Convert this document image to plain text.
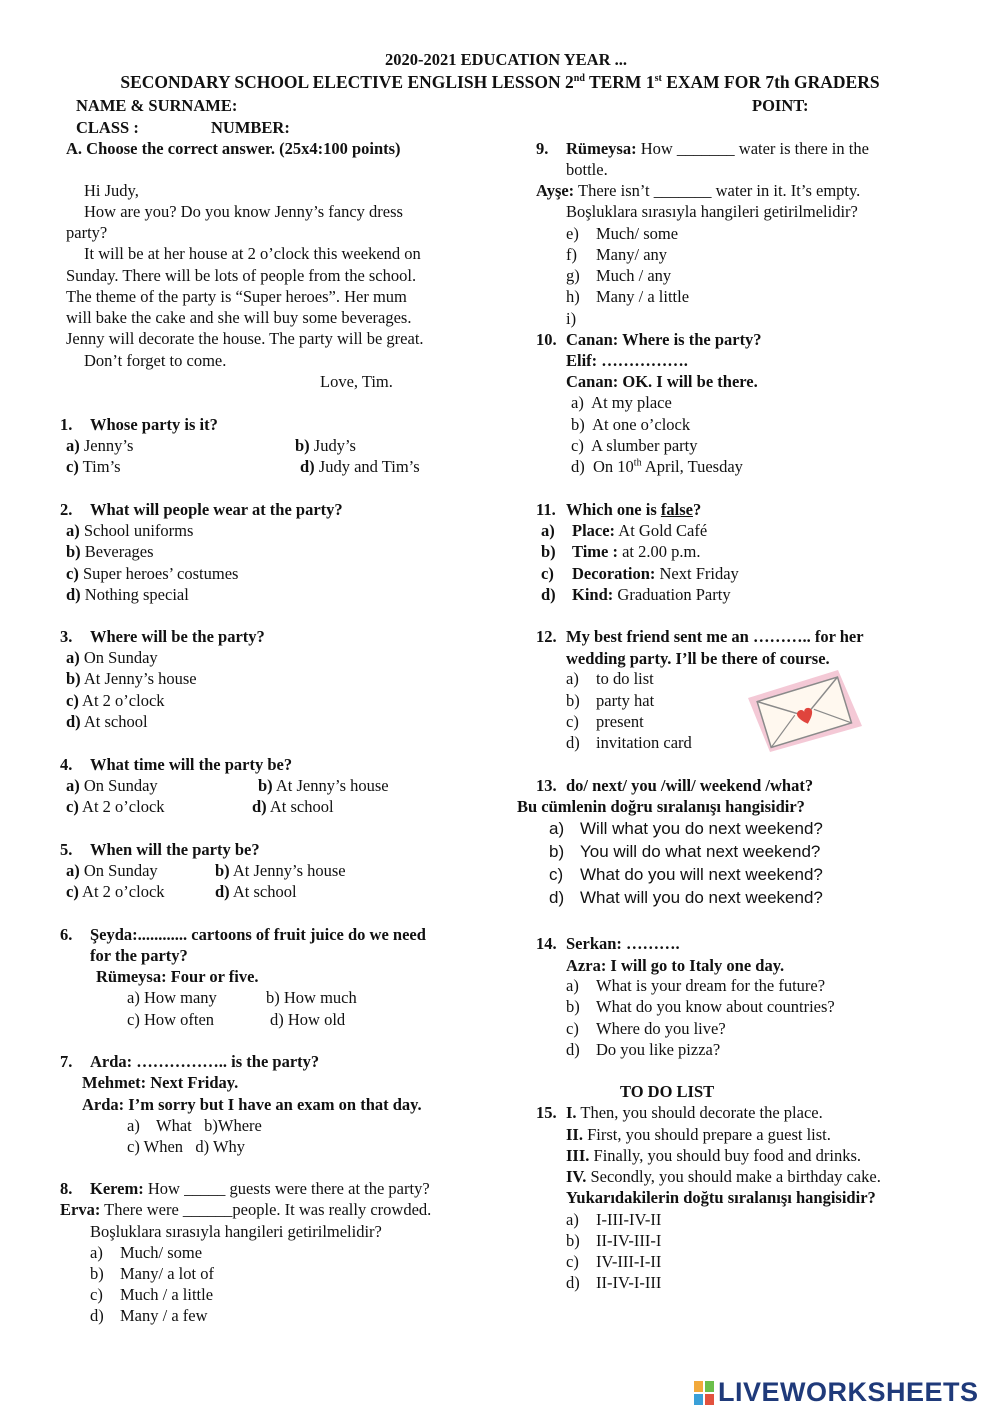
2020-2021 EDUCATION YEAR ...
SECONDARY SCHOOL ELECTIVE ENGLISH LESSON 2nd TERM 1st EXAM FOR 7th GRADERS
NAME & SURNAME:	POINT:
CLASS :	NUMBER:
A. Choose the correct answer. (25x4:100 points)
Hi Judy,
How are you? Do you know Jenny’s fancy dress
party?
It will be at her house at 2 o’clock this weekend on
Sunday. There will be lots of people from the school.
The theme of the party is “Super heroes”. Her mum
will bake the cake and she will buy some beverages.
Jenny will decorate the house. The party will be great.
Don’t forget to come.
Love, Tim.
1. Whose party is it?
a) Jenny’s	b) Judy’s
c) Tim’s	d) Judy and Tim’s
2. What will people wear at the party?
a) School uniforms
b) Beverages
c) Super heroes’ costumes
d) Nothing special
3. Where will be the party?
a) On Sunday
b) At Jenny’s house
c) At 2 o’clock
d) At school
4. What time will the party be?
a) On Sunday	b) At Jenny’s house
c) At 2 o’clock	d) At school
5. When will the party be?
a) On Sunday	b) At Jenny’s house
c) At 2 o’clock	d) At school
6. Şeyda:............ cartoons of fruit juice do we need
for the party?
Rümeysa: Four or five.
a) How many	b) How much
c) How often	d) How old
7. Arda: …………….. is the party?
Mehmet: Next Friday.
Arda: I’m sorry but I have an exam on that day.
a)    What   b)Where
c) When   d) Why
8. Kerem: How _____ guests were there at the party?
Erva: There were ______people. It was really crowded.
Boşluklara sırasıyla hangileri getirilmelidir?
a) Much/ some
b) Many/ a lot of
c) Much / a little
d) Many / a few
9. Rümeysa: How _______ water is there in the
bottle.
Ayşe: There isn’t _______ water in it. It’s empty.
Boşluklara sırasıyla hangileri getirilmelidir?
e) Much/ some
f) Many/ any
g) Much / any
h) Many / a little
i)
10. Canan: Where is the party?
Elif: …………….
Canan: OK. I will be there.
a)  At my place
b)  At one o’clock
c)  A slumber party
d)  On 10th April, Tuesday
11. Which one is false?
a) Place: At Gold Café
b) Time : at 2.00 p.m.
c) Decoration: Next Friday
d) Kind: Graduation Party
12. My best friend sent me an ……….. for her
wedding party. I’ll be there of course.
a) to do list
b) party hat
c) present
d) invitation card
13. do/ next/ you /will/ weekend /what?
Bu cümlenin doğru sıralanışı hangisidir?
a) Will what you do next weekend?
b) You will do what next weekend?
c) What do you will next weekend?
d) What will you do next weekend?
14. Serkan: ……….
Azra: I will go to Italy one day.
a) What is your dream for the future?
b) What do you know about countries?
c) Where do you live?
d) Do you like pizza?
TO DO LIST
15. I. Then, you should decorate the place.
II. First, you should prepare a guest list.
III. Finally, you should buy food and drinks.
IV. Secondly, you should make a birthday cake.
Yukarıdakilerin doğtu sıralanışı hangisidir?
a) I-III-IV-II
b) II-IV-III-I
c) IV-III-I-II
d) II-IV-I-III
LIVEWORKSHEETS
